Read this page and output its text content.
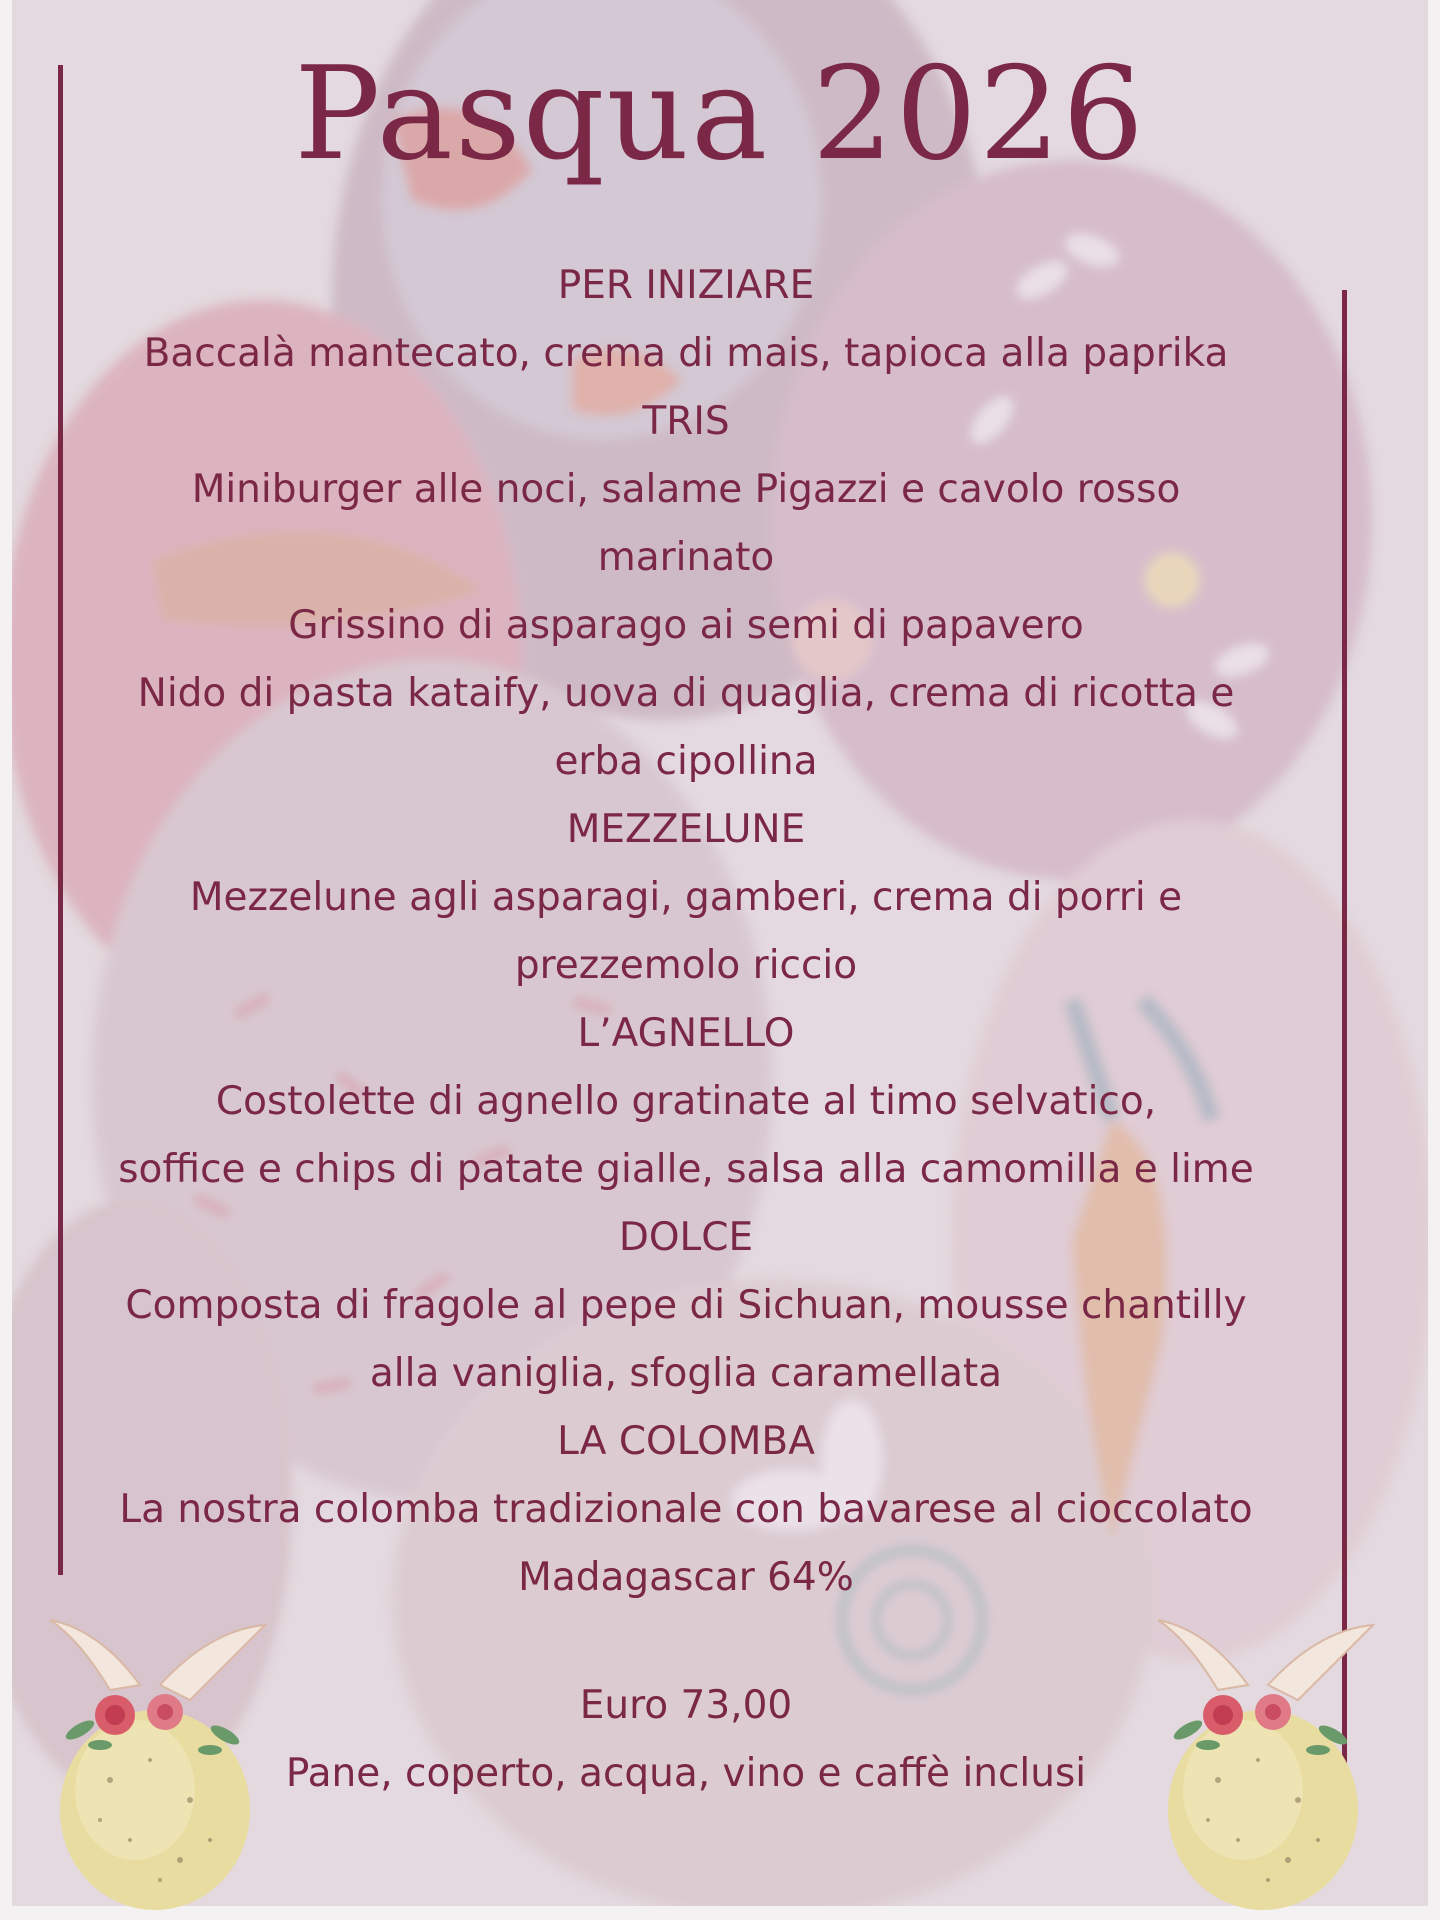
Pasqua 2026
PER INIZIARE
Baccalà mantecato, crema di mais, tapioca alla paprika
TRIS
Miniburger alle noci, salame Pigazzi e cavolo rosso
marinato
Grissino di asparago ai semi di papavero
Nido di pasta kataify, uova di quaglia, crema di ricotta e
erba cipollina
MEZZELUNE
Mezzelune agli asparagi, gamberi, crema di porri e
prezzemolo riccio
L’AGNELLO
Costolette di agnello gratinate al timo selvatico,
soffice e chips di patate gialle, salsa alla camomilla e lime
DOLCE
Composta di fragole al pepe di Sichuan, mousse chantilly
alla vaniglia, sfoglia caramellata
LA COLOMBA
La nostra colomba tradizionale con bavarese al cioccolato
Madagascar 64%
Euro 73,00
Pane, coperto, acqua, vino e caffè inclusi
